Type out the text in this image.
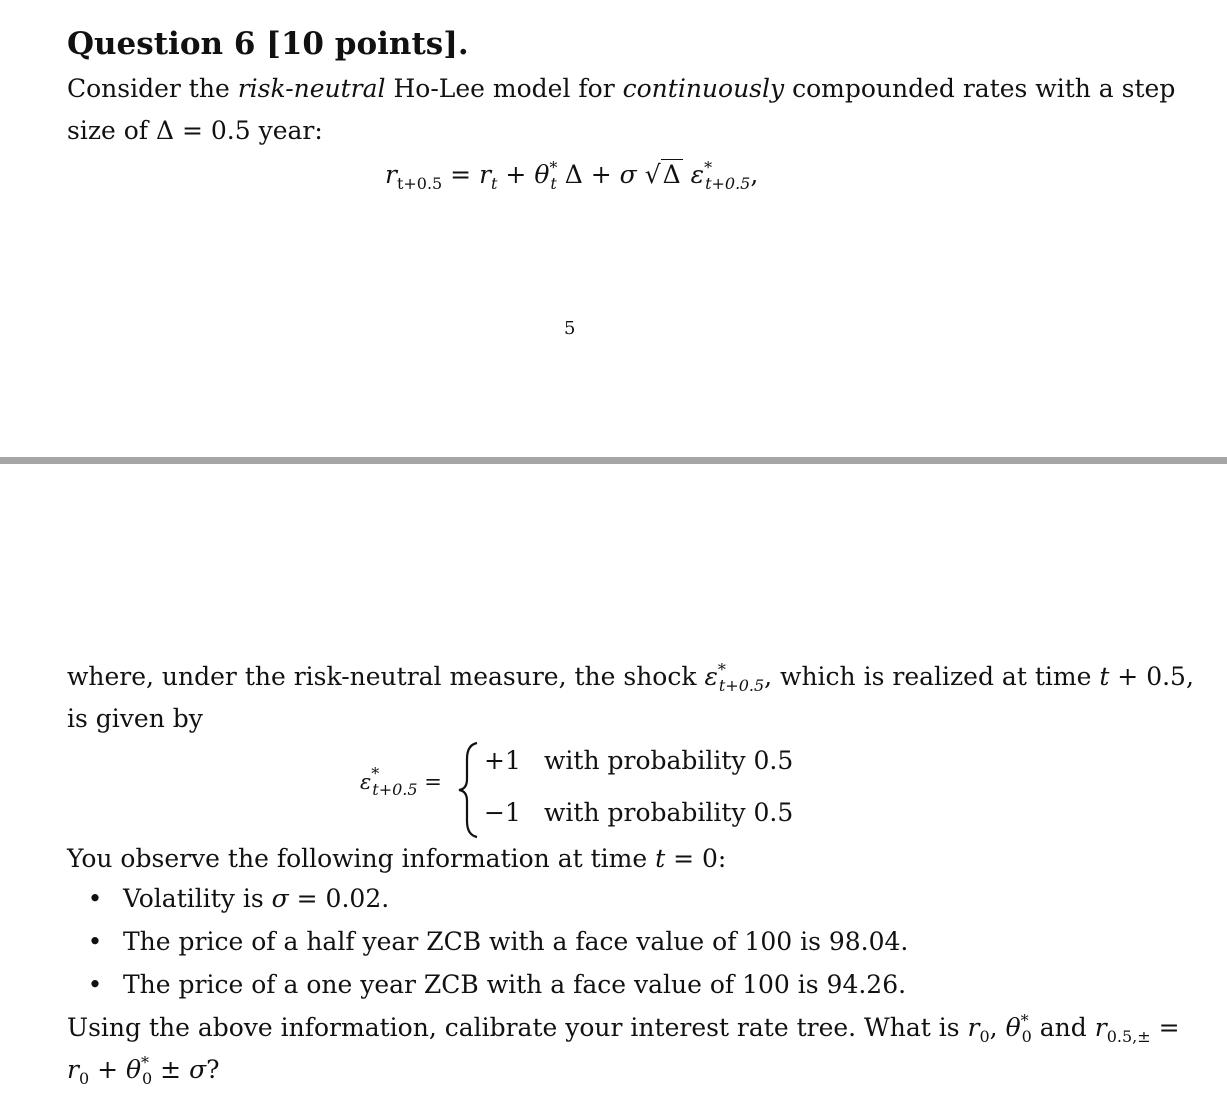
Question 6 [10 points].
Consider the risk-neutral Ho-Lee model for continuously compounded rates with a step
size of Δ = 0.5 year:
$r_{t+0.5} = r_t + \theta^*_t$ Δ + σ √Δ $\varepsilon^*_{t+0.5}$,
5
where, under the risk-neutral measure, the shock $\varepsilon^*_{t+0.5}$, which is realized at time t + 0.5,
is given by
$\varepsilon^*_{t+0.5}$ =
+1 with probability 0.5
−1 with probability 0.5
You observe the following information at time t = 0:
• Volatility is σ = 0.02.
• The price of a half year ZCB with a face value of 100 is 98.04.
• The price of a one year ZCB with a face value of 100 is 94.26.
Using the above information, calibrate your interest rate tree. What is $r_0$, $\theta^*_0$ and $r_{0.5,\pm}$ =
$r_0 + \theta^*_0 \pm \sigma$?
